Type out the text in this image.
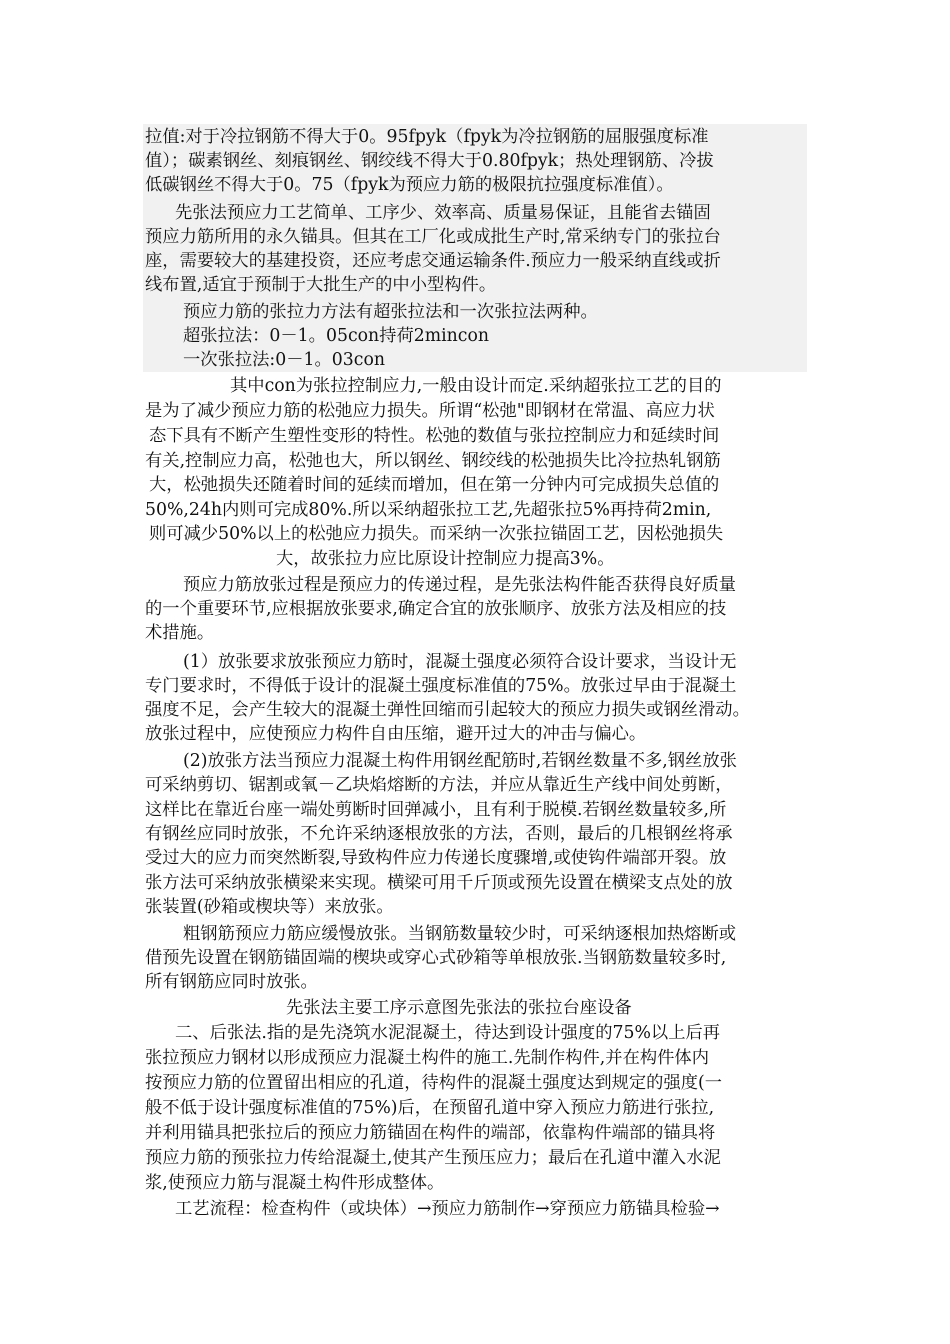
拉值:对于冷拉钢筋不得大于0。95fpyk（fpyk为冷拉钢筋的屈服强度标准
值）；碳素钢丝、刻痕钢丝、钢绞线不得大于0.80fpyk；热处理钢筋、冷拔
低碳钢丝不得大于0。75（fpyk为预应力筋的极限抗拉强度标准值）。
先张法预应力工艺简单、工序少、效率高、质量易保证，且能省去锚固
预应力筋所用的永久锚具。但其在工厂化或成批生产时,常采纳专门的张拉台
座，需要较大的基建投资，还应考虑交通运输条件.预应力一般采纳直线或折
线布置,适宜于预制于大批生产的中小型构件。
预应力筋的张拉力方法有超张拉法和一次张拉法两种。
超张拉法：0－1。05con持荷2mincon
一次张拉法:0－1。03con
其中con为张拉控制应力,一般由设计而定.采纳超张拉工艺的目的
是为了减少预应力筋的松弛应力损失。所谓“松弛"即钢材在常温、高应力状
态下具有不断产生塑性变形的特性。松弛的数值与张拉控制应力和延续时间
有关,控制应力高，松弛也大，所以钢丝、钢绞线的松弛损失比冷拉热轧钢筋
大，松弛损失还随着时间的延续而增加，但在第一分钟内可完成损失总值的
50%,24h内则可完成80%.所以采纳超张拉工艺,先超张拉5%再持荷2min,
则可减少50%以上的松弛应力损失。而采纳一次张拉锚固工艺，因松弛损失
大，故张拉力应比原设计控制应力提高3%。
预应力筋放张过程是预应力的传递过程，是先张法构件能否获得良好质量
的一个重要环节,应根据放张要求,确定合宜的放张顺序、放张方法及相应的技
术措施。
(1）放张要求放张预应力筋时，混凝土强度必须符合设计要求，当设计无
专门要求时，不得低于设计的混凝土强度标准值的75%。放张过早由于混凝土
强度不足，会产生较大的混凝土弹性回缩而引起较大的预应力损失或钢丝滑动。
放张过程中，应使预应力构件自由压缩，避开过大的冲击与偏心。
(2)放张方法当预应力混凝土构件用钢丝配筋时,若钢丝数量不多,钢丝放张
可采纳剪切、锯割或氧－乙块焰熔断的方法，并应从靠近生产线中间处剪断，
这样比在靠近台座一端处剪断时回弹减小，且有利于脱模.若钢丝数量较多,所
有钢丝应同时放张，不允许采纳逐根放张的方法，否则，最后的几根钢丝将承
受过大的应力而突然断裂,导致构件应力传递长度骤增,或使钩件端部开裂。放
张方法可采纳放张横梁来实现。横梁可用千斤顶或预先设置在横梁支点处的放
张装置(砂箱或楔块等）来放张。
粗钢筋预应力筋应缓慢放张。当钢筋数量较少时，可采纳逐根加热熔断或
借预先设置在钢筋锚固端的楔块或穿心式砂箱等单根放张.当钢筋数量较多时,
所有钢筋应同时放张。
先张法主要工序示意图先张法的张拉台座设备
二、后张法.指的是先浇筑水泥混凝土，待达到设计强度的75%以上后再
张拉预应力钢材以形成预应力混凝土构件的施工.先制作构件,并在构件体内
按预应力筋的位置留出相应的孔道，待构件的混凝土强度达到规定的强度(一
般不低于设计强度标准值的75%)后，在预留孔道中穿入预应力筋进行张拉,
并利用锚具把张拉后的预应力筋锚固在构件的端部，依靠构件端部的锚具将
预应力筋的预张拉力传给混凝土,使其产生预压应力；最后在孔道中灌入水泥
浆,使预应力筋与混凝土构件形成整体。
工艺流程：检查构件（或块体）→预应力筋制作→穿预应力筋锚具检验→
